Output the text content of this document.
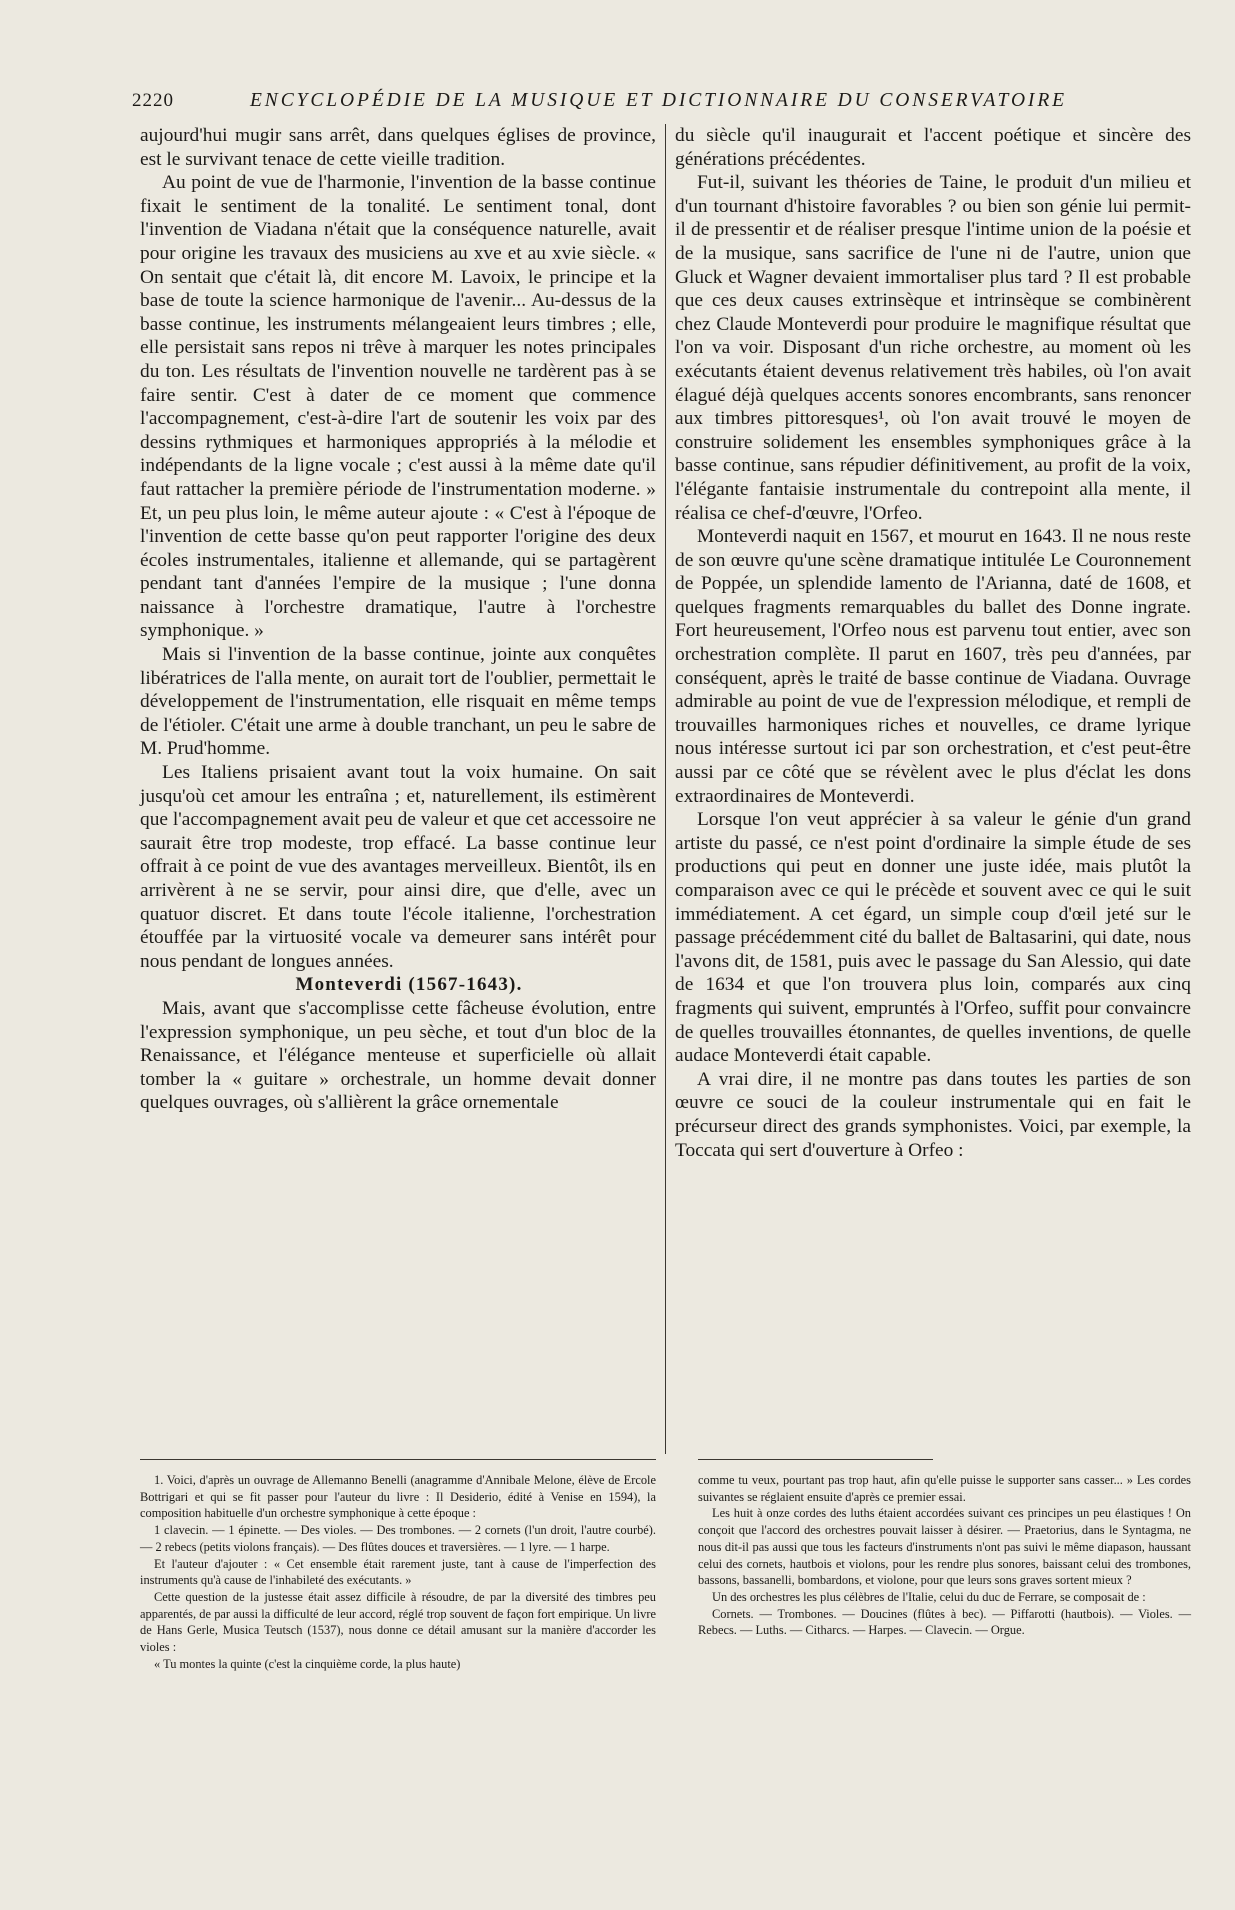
2220	ENCYCLOPÉDIE DE LA MUSIQUE ET DICTIONNAIRE DU CONSERVATOIRE

aujourd'hui mugir sans arrêt, dans quelques églises de province, est le survivant tenace de cette vieille tradition.

Au point de vue de l'harmonie, l'invention de la basse continue fixait le sentiment de la tonalité. Le sentiment tonal, dont l'invention de Viadana n'était que la conséquence naturelle, avait pour origine les travaux des musiciens au xve et au xvie siècle. « On sentait que c'était là, dit encore M. Lavoix, le principe et la base de toute la science harmonique de l'avenir... Au-dessus de la basse continue, les instruments mélangeaient leurs timbres ; elle, elle persistait sans repos ni trêve à marquer les notes principales du ton. Les résultats de l'invention nouvelle ne tardèrent pas à se faire sentir. C'est à dater de ce moment que commence l'accompagnement, c'est-à-dire l'art de soutenir les voix par des dessins rythmiques et harmoniques appropriés à la mélodie et indépendants de la ligne vocale ; c'est aussi à la même date qu'il faut rattacher la première période de l'instrumentation moderne. » Et, un peu plus loin, le même auteur ajoute : « C'est à l'époque de l'invention de cette basse qu'on peut rapporter l'origine des deux écoles instrumentales, italienne et allemande, qui se partagèrent pendant tant d'années l'empire de la musique ; l'une donna naissance à l'orchestre dramatique, l'autre à l'orchestre symphonique. »

Mais si l'invention de la basse continue, jointe aux conquêtes libératrices de l'alla mente, on aurait tort de l'oublier, permettait le développement de l'instrumentation, elle risquait en même temps de l'étioler. C'était une arme à double tranchant, un peu le sabre de M. Prud'homme.

Les Italiens prisaient avant tout la voix humaine. On sait jusqu'où cet amour les entraîna ; et, naturellement, ils estimèrent que l'accompagnement avait peu de valeur et que cet accessoire ne saurait être trop modeste, trop effacé. La basse continue leur offrait à ce point de vue des avantages merveilleux. Bientôt, ils en arrivèrent à ne se servir, pour ainsi dire, que d'elle, avec un quatuor discret. Et dans toute l'école italienne, l'orchestration étouffée par la virtuosité vocale va demeurer sans intérêt pour nous pendant de longues années.

Monteverdi (1567-1643).

Mais, avant que s'accomplisse cette fâcheuse évolution, entre l'expression symphonique, un peu sèche, et tout d'un bloc de la Renaissance, et l'élégance menteuse et superficielle où allait tomber la « guitare » orchestrale, un homme devait donner quelques ouvrages, où s'allièrent la grâce ornementale

du siècle qu'il inaugurait et l'accent poétique et sincère des générations précédentes.

Fut-il, suivant les théories de Taine, le produit d'un milieu et d'un tournant d'histoire favorables ? ou bien son génie lui permit-il de pressentir et de réaliser presque l'intime union de la poésie et de la musique, sans sacrifice de l'une ni de l'autre, union que Gluck et Wagner devaient immortaliser plus tard ? Il est probable que ces deux causes extrinsèque et intrinsèque se combinèrent chez Claude Monteverdi pour produire le magnifique résultat que l'on va voir. Disposant d'un riche orchestre, au moment où les exécutants étaient devenus relativement très habiles, où l'on avait élagué déjà quelques accents sonores encombrants, sans renoncer aux timbres pittoresques¹, où l'on avait trouvé le moyen de construire solidement les ensembles symphoniques grâce à la basse continue, sans répudier définitivement, au profit de la voix, l'élégante fantaisie instrumentale du contrepoint alla mente, il réalisa ce chef-d'œuvre, l'Orfeo.

Monteverdi naquit en 1567, et mourut en 1643. Il ne nous reste de son œuvre qu'une scène dramatique intitulée Le Couronnement de Poppée, un splendide lamento de l'Arianna, daté de 1608, et quelques fragments remarquables du ballet des Donne ingrate. Fort heureusement, l'Orfeo nous est parvenu tout entier, avec son orchestration complète. Il parut en 1607, très peu d'années, par conséquent, après le traité de basse continue de Viadana. Ouvrage admirable au point de vue de l'expression mélodique, et rempli de trouvailles harmoniques riches et nouvelles, ce drame lyrique nous intéresse surtout ici par son orchestration, et c'est peut-être aussi par ce côté que se révèlent avec le plus d'éclat les dons extraordinaires de Monteverdi.

Lorsque l'on veut apprécier à sa valeur le génie d'un grand artiste du passé, ce n'est point d'ordinaire la simple étude de ses productions qui peut en donner une juste idée, mais plutôt la comparaison avec ce qui le précède et souvent avec ce qui le suit immédiatement. A cet égard, un simple coup d'œil jeté sur le passage précédemment cité du ballet de Baltasarini, qui date, nous l'avons dit, de 1581, puis avec le passage du San Alessio, qui date de 1634 et que l'on trouvera plus loin, comparés aux cinq fragments qui suivent, empruntés à l'Orfeo, suffit pour convaincre de quelles trouvailles étonnantes, de quelles inventions, de quelle audace Monteverdi était capable.

A vrai dire, il ne montre pas dans toutes les parties de son œuvre ce souci de la couleur instrumentale qui en fait le précurseur direct des grands symphonistes. Voici, par exemple, la Toccata qui sert d'ouverture à Orfeo :

1. Voici, d'après un ouvrage de Allemanno Benelli (anagramme d'Annibale Melone, élève de Ercole Bottrigari et qui se fit passer pour l'auteur du livre : Il Desiderio, édité à Venise en 1594), la composition habituelle d'un orchestre symphonique à cette époque :

1 clavecin. — 1 épinette. — Des violes. — Des trombones. — 2 cornets (l'un droit, l'autre courbé). — 2 rebecs (petits violons français). — Des flûtes douces et traversières. — 1 lyre. — 1 harpe.

Et l'auteur d'ajouter : « Cet ensemble était rarement juste, tant à cause de l'imperfection des instruments qu'à cause de l'inhabileté des exécutants. »

Cette question de la justesse était assez difficile à résoudre, de par la diversité des timbres peu apparentés, de par aussi la difficulté de leur accord, réglé trop souvent de façon fort empirique. Un livre de Hans Gerle, Musica Teutsch (1537), nous donne ce détail amusant sur la manière d'accorder les violes :

« Tu montes la quinte (c'est la cinquième corde, la plus haute)

comme tu veux, pourtant pas trop haut, afin qu'elle puisse le supporter sans casser... » Les cordes suivantes se réglaient ensuite d'après ce premier essai.

Les huit à onze cordes des luths étaient accordées suivant ces principes un peu élastiques ! On conçoit que l'accord des orchestres pouvait laisser à désirer. — Praetorius, dans le Syntagma, ne nous dit-il pas aussi que tous les facteurs d'instruments n'ont pas suivi le même diapason, haussant celui des cornets, hautbois et violons, pour les rendre plus sonores, baissant celui des trombones, bassons, bassanelli, bombardons, et violone, pour que leurs sons graves sortent mieux ?

Un des orchestres les plus célèbres de l'Italie, celui du duc de Ferrare, se composait de :

Cornets. — Trombones. — Doucines (flûtes à bec). — Piffarotti (hautbois). — Violes. — Rebecs. — Luths. — Citharcs. — Harpes. — Clavecin. — Orgue.
